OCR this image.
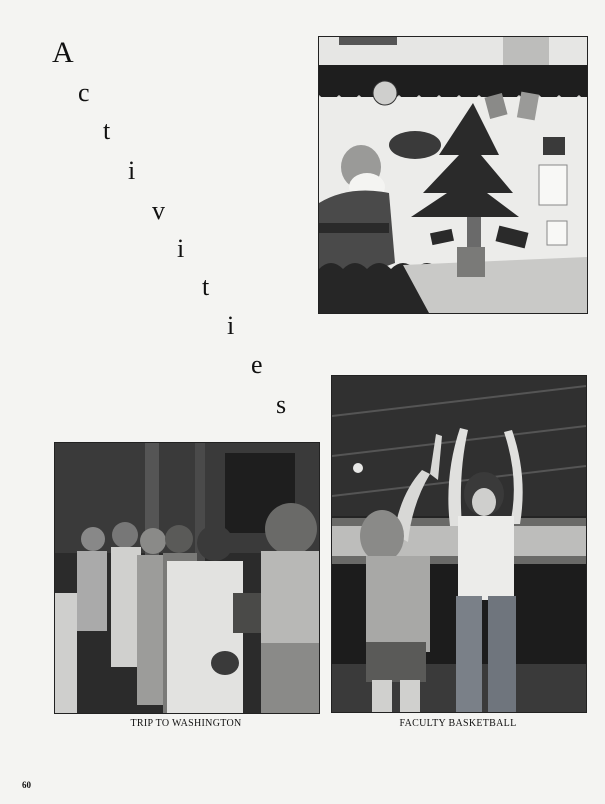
A
c
t
i
v
i
t
i
e
s
TRIP TO WASHINGTON	FACULTY BASKETBALL
60
